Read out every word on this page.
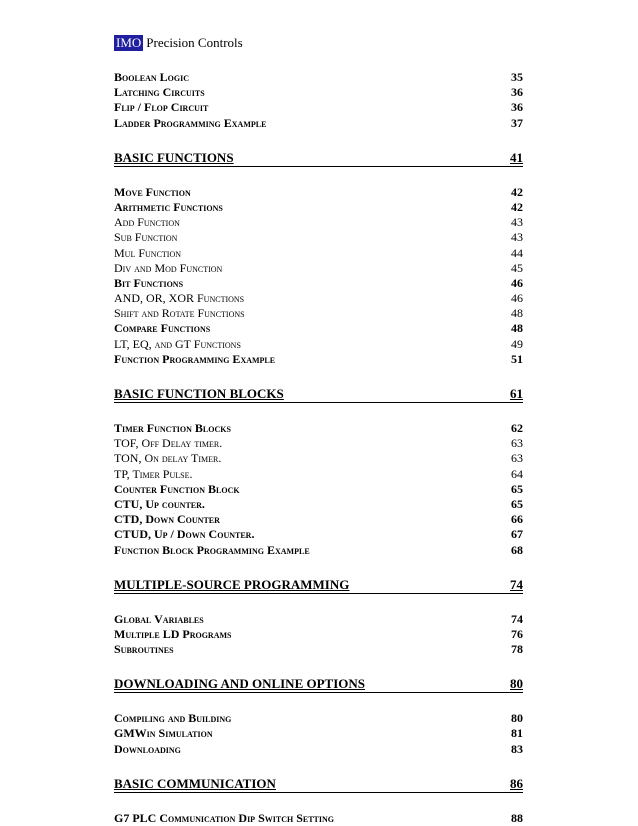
IMO Precision Controls
Boolean Logic	35
Latching Circuits	36
Flip / Flop Circuit	36
Ladder Programming Example	37
BASIC FUNCTIONS	41
Move Function	42
Arithmetic Functions	42
Add Function	43
Sub Function	43
Mul Function	44
Div and Mod Function	45
Bit Functions	46
AND, OR, XOR Functions	46
Shift and Rotate Functions	48
Compare Functions	48
LT, EQ, and GT Functions	49
Function Programming Example	51
BASIC FUNCTION BLOCKS	61
Timer Function Blocks	62
TOF, Off Delay timer.	63
TON, On delay Timer.	63
TP, Timer Pulse.	64
Counter Function Block	65
CTU, Up counter.	65
CTD, Down Counter	66
CTUD, Up / Down Counter.	67
Function Block Programming Example	68
MULTIPLE-SOURCE PROGRAMMING	74
Global Variables	74
Multiple LD Programs	76
Subroutines	78
DOWNLOADING AND ONLINE OPTIONS	80
Compiling and Building	80
GMWin Simulation	81
Downloading	83
BASIC COMMUNICATION	86
G7 PLC Communication Dip Switch Setting	88
